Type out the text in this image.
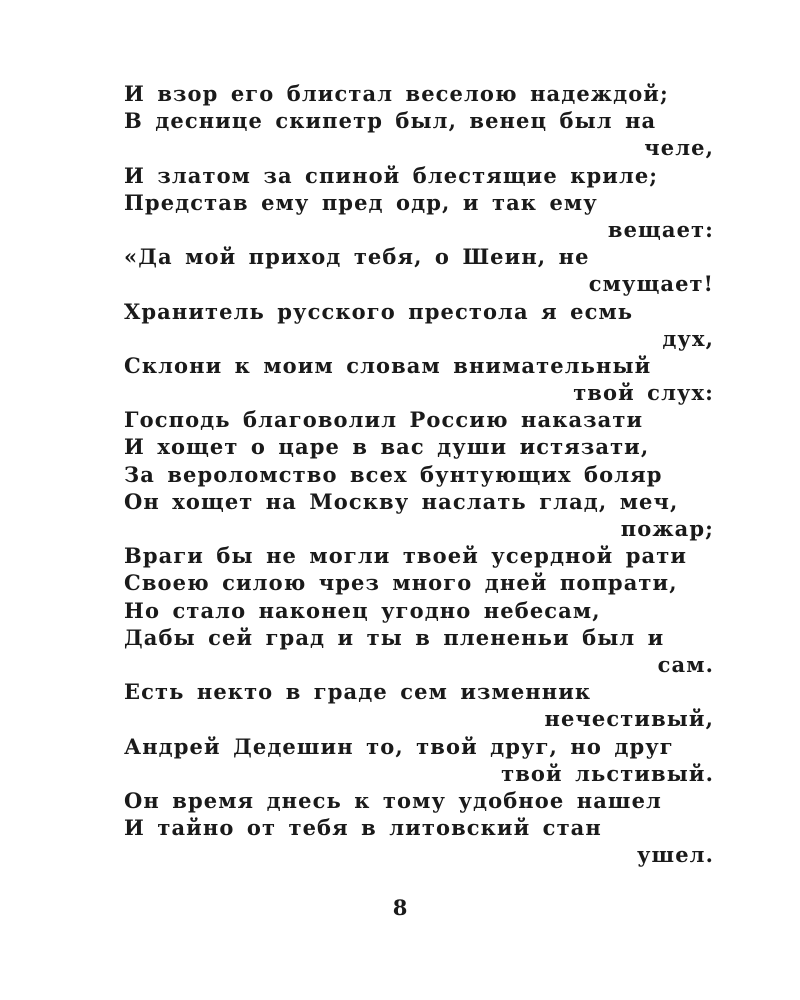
И взор его блистал веселою надеждой;
В деснице скипетр был, венец был на
челе,
И златом за спиной блестящие криле;
Представ ему пред одр, и так ему
вещает:
«Да мой приход тебя, о Шеин, не
смущает!
Хранитель русского престола я есмь
дух,
Склони к моим словам внимательный
твой слух:
Господь благоволил Россию наказати
И хощет о царе в вас души истязати,
За вероломство всех бунтующих боляр
Он хощет на Москву наслать глад, меч,
пожар;
Враги бы не могли твоей усердной рати
Своею силою чрез много дней попрати,
Но стало наконец угодно небесам,
Дабы сей град и ты в плененьи был и
сам.
Есть некто в граде сем изменник
нечестивый,
Андрей Дедешин то, твой друг, но друг
твой льстивый.
Он время днесь к тому удобное нашел
И тайно от тебя в литовский стан
ушел.
8
